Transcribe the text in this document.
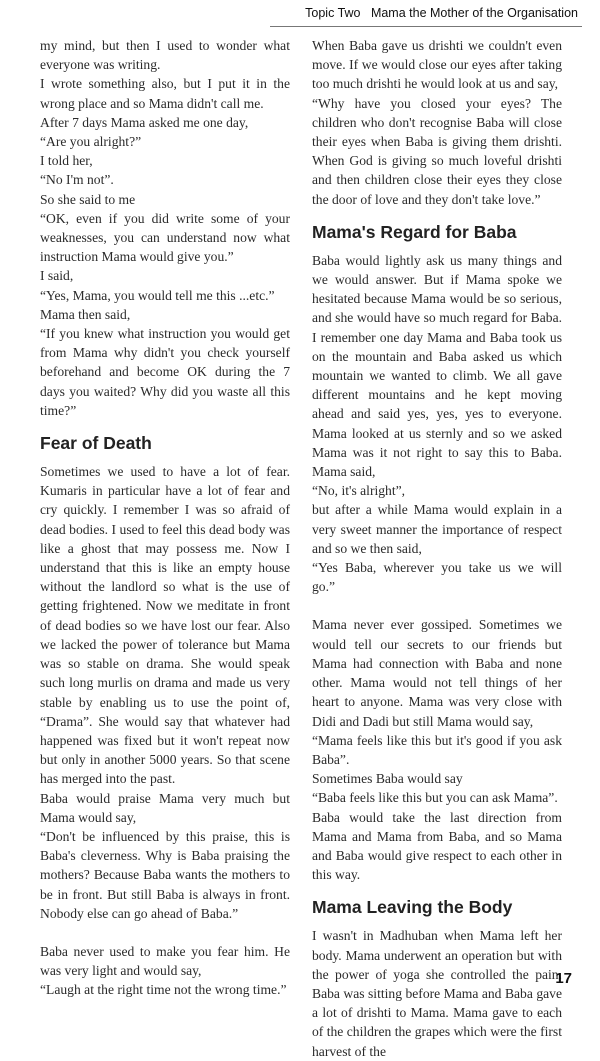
Topic Two Mama the Mother of the Organisation

my mind, but then I used to wonder what everyone was writing.

I wrote something also, but I put it in the wrong place and so Mama didn't call me.

After 7 days Mama asked me one day,

“Are you alright?”

I told her,

“No I'm not”.

So she said to me

“OK, even if you did write some of your weaknesses, you can understand now what instruction Mama would give you.”

I said,

“Yes, Mama, you would tell me this ...etc.”

Mama then said,

“If you knew what instruction you would get from Mama why didn't you check yourself beforehand and become OK during the 7 days you waited? Why did you waste all this time?”

Fear of Death

Sometimes we used to have a lot of fear. Kumaris in particular have a lot of fear and cry quickly. I remember I was so afraid of dead bodies. I used to feel this dead body was like a ghost that may possess me. Now I understand that this is like an empty house without the landlord so what is the use of getting frightened. Now we meditate in front of dead bodies so we have lost our fear. Also we lacked the power of tolerance but Mama was so stable on drama. She would speak such long murlis on drama and made us very stable by enabling us to use the point of, “Drama”. She would say that whatever had happened was fixed but it won't repeat now but only in another 5000 years. So that scene has merged into the past.

Baba would praise Mama very much but Mama would say,

“Don't be influenced by this praise, this is Baba's cleverness. Why is Baba praising the mothers? Because Baba wants the mothers to be in front. But still Baba is always in front. Nobody else can go ahead of Baba.”

Baba never used to make you fear him. He was very light and would say,

“Laugh at the right time not the wrong time.”

When Baba gave us drishti we couldn't even move. If we would close our eyes after taking too much drishti he would look at us and say,

“Why have you closed your eyes? The children who don't recognise Baba will close their eyes when Baba is giving them drishti. When God is giving so much loveful drishti and then children close their eyes they close the door of love and they don't take love.”

Mama's Regard for Baba

Baba would lightly ask us many things and we would answer. But if Mama spoke we hesitated because Mama would be so serious, and she would have so much regard for Baba. I remember one day Mama and Baba took us on the mountain and Baba asked us which mountain we wanted to climb. We all gave different mountains and he kept moving ahead and said yes, yes, yes to everyone. Mama looked at us sternly and so we asked Mama was it not right to say this to Baba. Mama said,

“No, it's alright”,

but after a while Mama would explain in a very sweet manner the importance of respect and so we then said,

“Yes Baba, wherever you take us we will go.”

Mama never ever gossiped. Sometimes we would tell our secrets to our friends but Mama had connection with Baba and none other. Mama would not tell things of her heart to anyone. Mama was very close with Didi and Dadi but still Mama would say,

“Mama feels like this but it's good if you ask Baba”.

Sometimes Baba would say

“Baba feels like this but you can ask Mama”.

Baba would take the last direction from Mama and Mama from Baba, and so Mama and Baba would give respect to each other in this way.

Mama Leaving the Body

I wasn't in Madhuban when Mama left her body. Mama underwent an operation but with the power of yoga she controlled the pain. Baba was sitting before Mama and Baba gave a lot of drishti to Mama. Mama gave to each of the children the grapes which were the first harvest of the

17
